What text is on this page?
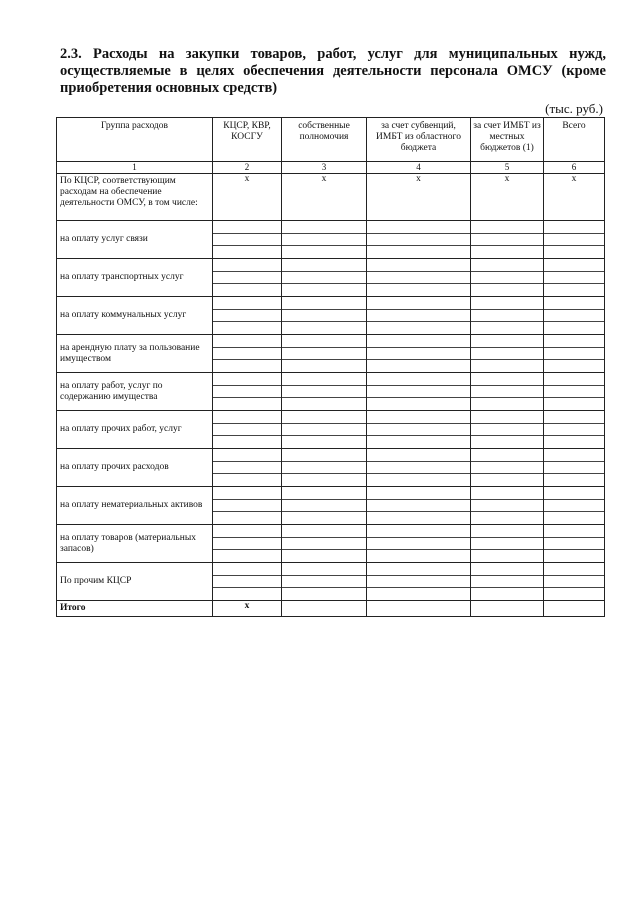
2.3. Расходы на закупки товаров, работ, услуг для муниципальных нужд, осуществляемые в целях обеспечения деятельности персонала ОМСУ (кроме приобретения основных средств)
(тыс. руб.)
Группа расходов	КЦСР, КВР, КОСГУ	собственные полномочия	за счет субвенций, ИМБТ из областного бюджета	за счет ИМБТ из местных бюджетов (1)	Всего
1	2	3	4	5	6

По КЦСР, соответствующим расходам на обеспечение деятельности ОМСУ, в том числе:	x	x	x	x	x

на оплату услуг связи					

на оплату транспортных услуг					

на оплату коммунальных услуг					

на арендную плату за пользование имуществом					

на оплату работ, услуг по содержанию имущества					

на оплату прочих работ, услуг					

на оплату прочих расходов					

на оплату нематериальных активов					

на оплату товаров (материальных запасов)					

По прочим КЦСР					

Итого	x				
